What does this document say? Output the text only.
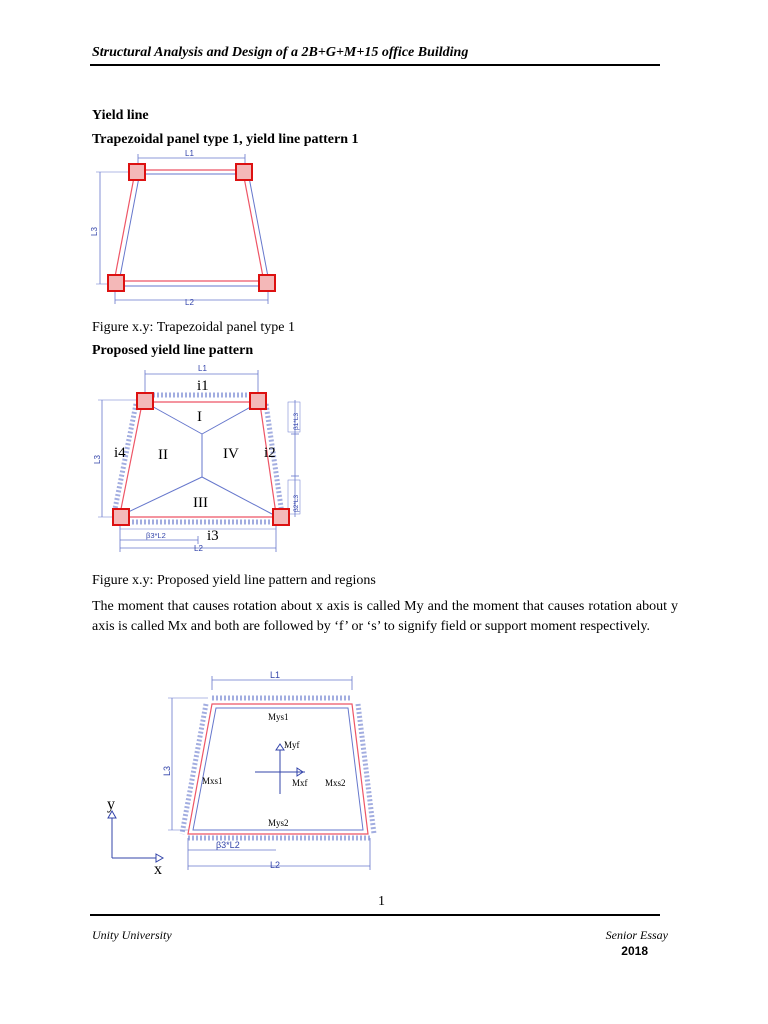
Structural Analysis and Design of a 2B+G+M+15 office Building
Yield line
Trapezoidal panel type 1, yield line pattern 1
L1
L3
L2
Figure x.y: Trapezoidal panel type 1
Proposed yield line pattern
L1
L3
β3*L2
L2
β1*L3
β2*L3
i1
i2
i3
i4
I
II
III
IV
Figure x.y: Proposed yield line pattern and regions
The moment that causes rotation about x axis is called My and the moment that causes rotation about y axis is called Mx and both are followed by ‘f’ or ‘s’ to signify field or support moment respectively.
L1
L3
β3*L2
L2
Mys1
Myf
Mxs1	Mxf Mxs2
Mys2
y
x
1
Unity University	Senior Essay
2018
